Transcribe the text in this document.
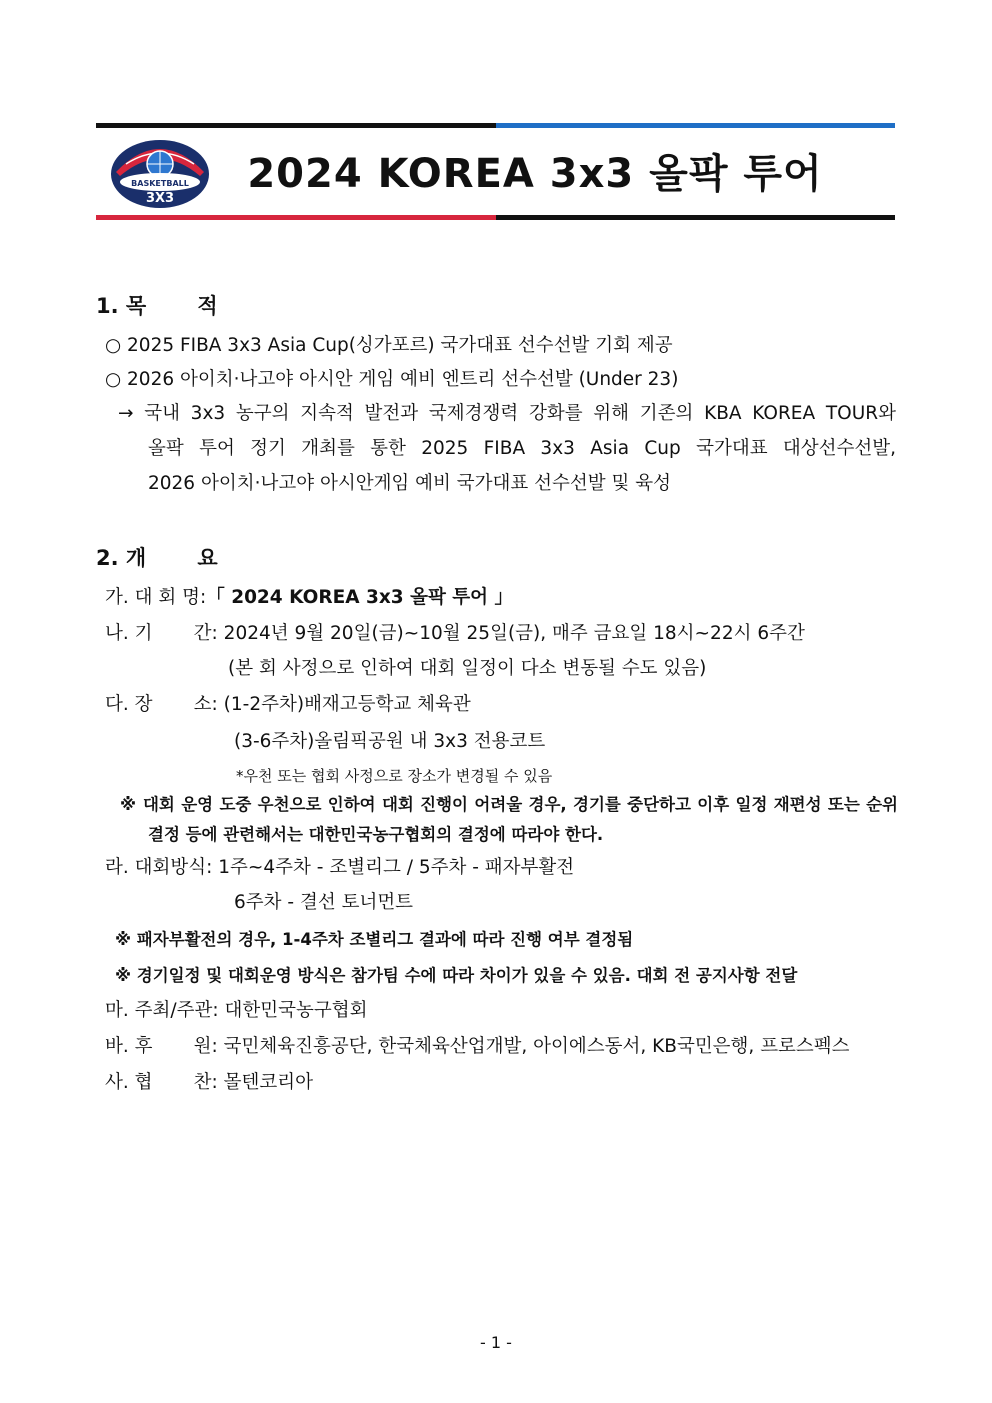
BASKETBALL
3X3
2024 KOREA 3x3 올팍 투어
1. 목       적
○ 2025 FIBA 3x3 Asia Cup(싱가포르) 국가대표 선수선발 기회 제공
○ 2026 아이치·나고야 아시안 게임 예비 엔트리 선수선발 (Under 23)
→ 국내 3x3 농구의 지속적 발전과 국제경쟁력 강화를 위해 기존의 KBA KOREA TOUR와
올팍 투어 정기 개최를 통한 2025 FIBA 3x3 Asia Cup 국가대표 대상선수선발,
2026 아이치·나고야 아시안게임 예비 국가대표 선수선발 및 육성
2. 개       요
가. 대 회 명:「 2024 KOREA 3x3 올팍 투어 」
나. 기       간: 2024년 9월 20일(금)~10월 25일(금), 매주 금요일 18시~22시 6주간
(본 회 사정으로 인하여 대회 일정이 다소 변동될 수도 있음)
다. 장       소: (1-2주차)배재고등학교 체육관
(3-6주차)올림픽공원 내 3x3 전용코트
*우천 또는 협회 사정으로 장소가 변경될 수 있음
※ 대회 운영 도중 우천으로 인하여 대회 진행이 어려울 경우, 경기를 중단하고 이후 일정 재편성 또는 순위
결정 등에 관련해서는 대한민국농구협회의 결정에 따라야 한다.
라. 대회방식: 1주~4주차 - 조별리그 / 5주차 - 패자부활전
6주차 - 결선 토너먼트
※ 패자부활전의 경우, 1-4주차 조별리그 결과에 따라 진행 여부 결정됨
※ 경기일정 및 대회운영 방식은 참가팀 수에 따라 차이가 있을 수 있음. 대회 전 공지사항 전달
마. 주최/주관: 대한민국농구협회
바. 후       원: 국민체육진흥공단, 한국체육산업개발, 아이에스동서, KB국민은행, 프로스펙스
사. 협       찬: 몰텐코리아
- 1 -
